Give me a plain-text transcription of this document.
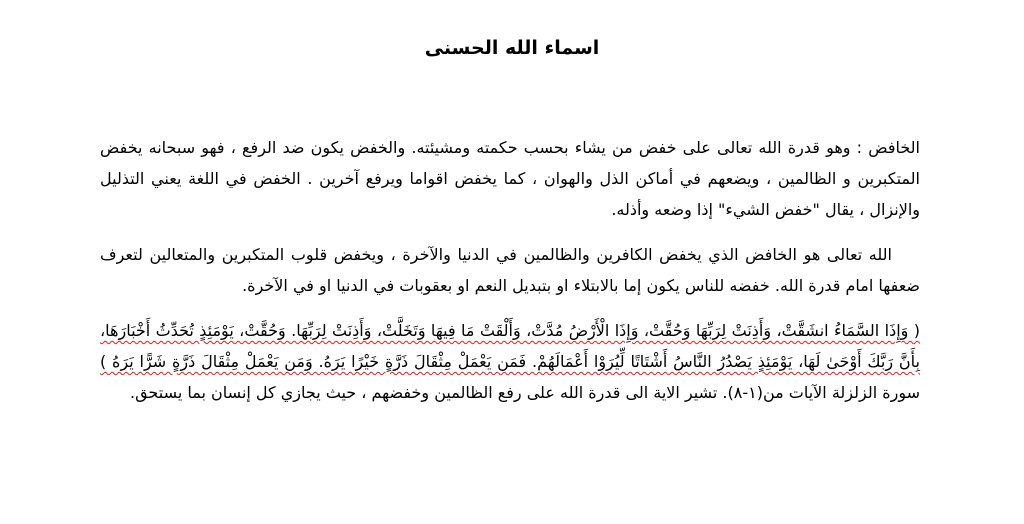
اسماء الله الحسنى

الخافض : وهو قدرة الله تعالى على خفض من يشاء بحسب حكمته ومشيئته. والخفض يكون ضد الرفع ، فهو سبحانه يخفض المتكبرين و الظالمين ، ويضعهم في أماكن الذل والهوان ، كما يخفض اقواما ويرفع آخرين . الخفض في اللغة يعني التذليل والإنزال ، يقال "خفض الشيء" إذا وضعه وأذله.

الله تعالى هو الخافض الذي يخفض الكافرين والظالمين في الدنيا والآخرة ، ويخفض قلوب المتكبرين والمتعالين لتعرف ضعفها امام قدرة الله. خفضه للناس يكون إما بالابتلاء او بتبديل النعم او بعقوبات في الدنيا او في الآخرة.

( وَإِذَا السَّمَاءُ انشَقَّتْ، وَأَذِنَتْ لِرَبِّهَا وَحُقَّتْ، وَإِذَا الْأَرْضُ مُدَّتْ، وَأَلْقَتْ مَا فِيهَا وَتَخَلَّتْ، وَأَذِنَتْ لِرَبِّهَا. وَحُقَّتْ، يَوْمَئِذٍ تُحَدِّثُ أَخْبَارَهَا، بِأَنَّ رَبَّكَ أَوْحَىٰ لَهَا، يَوْمَئِذٍ يَصْدُرُ النَّاسُ أَشْتَاتًا لِّيُرَوْا أَعْمَالَهُمْ. فَمَن يَعْمَلْ مِثْقَالَ ذَرَّةٍ خَيْرًا يَرَهُ. وَمَن يَعْمَلْ مِثْقَالَ ذَرَّةٍ شَرًّا يَرَهُ ) سورة الزلزلة الآيات من(١-٨). تشير الاية الى قدرة الله على رفع الظالمين وخفضهم ، حيث يجازي كل إنسان بما يستحق.
